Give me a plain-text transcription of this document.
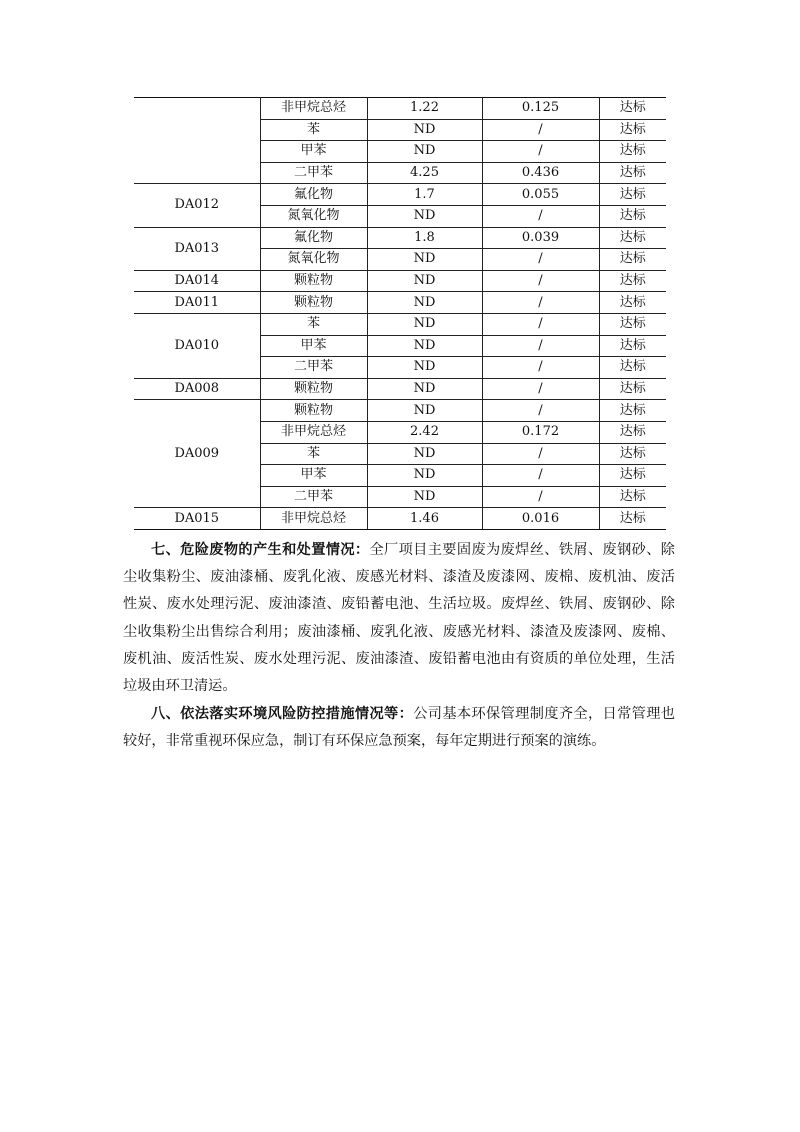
	非甲烷总烃	1.22	0.125	达标
	苯	ND	/	达标
	甲苯	ND	/	达标
	二甲苯	4.25	0.436	达标
DA012	氟化物	1.7	0.055	达标
	氮氧化物	ND	/	达标
DA013	氟化物	1.8	0.039	达标
	氮氧化物	ND	/	达标
DA014	颗粒物	ND	/	达标
DA011	颗粒物	ND	/	达标
DA010	苯	ND	/	达标
	甲苯	ND	/	达标
	二甲苯	ND	/	达标
DA008	颗粒物	ND	/	达标
DA009	颗粒物	ND	/	达标
	非甲烷总烃	2.42	0.172	达标
	苯	ND	/	达标
	甲苯	ND	/	达标
	二甲苯	ND	/	达标
DA015	非甲烷总烃	1.46	0.016	达标

七、危险废物的产生和处置情况：全厂项目主要固废为废焊丝、铁屑、废钢砂、除尘收集粉尘、废油漆桶、废乳化液、废感光材料、漆渣及废漆网、废棉、废机油、废活性炭、废水处理污泥、废油漆渣、废铅蓄电池、生活垃圾。废焊丝、铁屑、废钢砂、除尘收集粉尘出售综合利用；废油漆桶、废乳化液、废感光材料、漆渣及废漆网、废棉、废机油、废活性炭、废水处理污泥、废油漆渣、废铅蓄电池由有资质的单位处理，生活垃圾由环卫清运。

八、依法落实环境风险防控措施情况等：公司基本环保管理制度齐全，日常管理也较好，非常重视环保应急，制订有环保应急预案，每年定期进行预案的演练。
